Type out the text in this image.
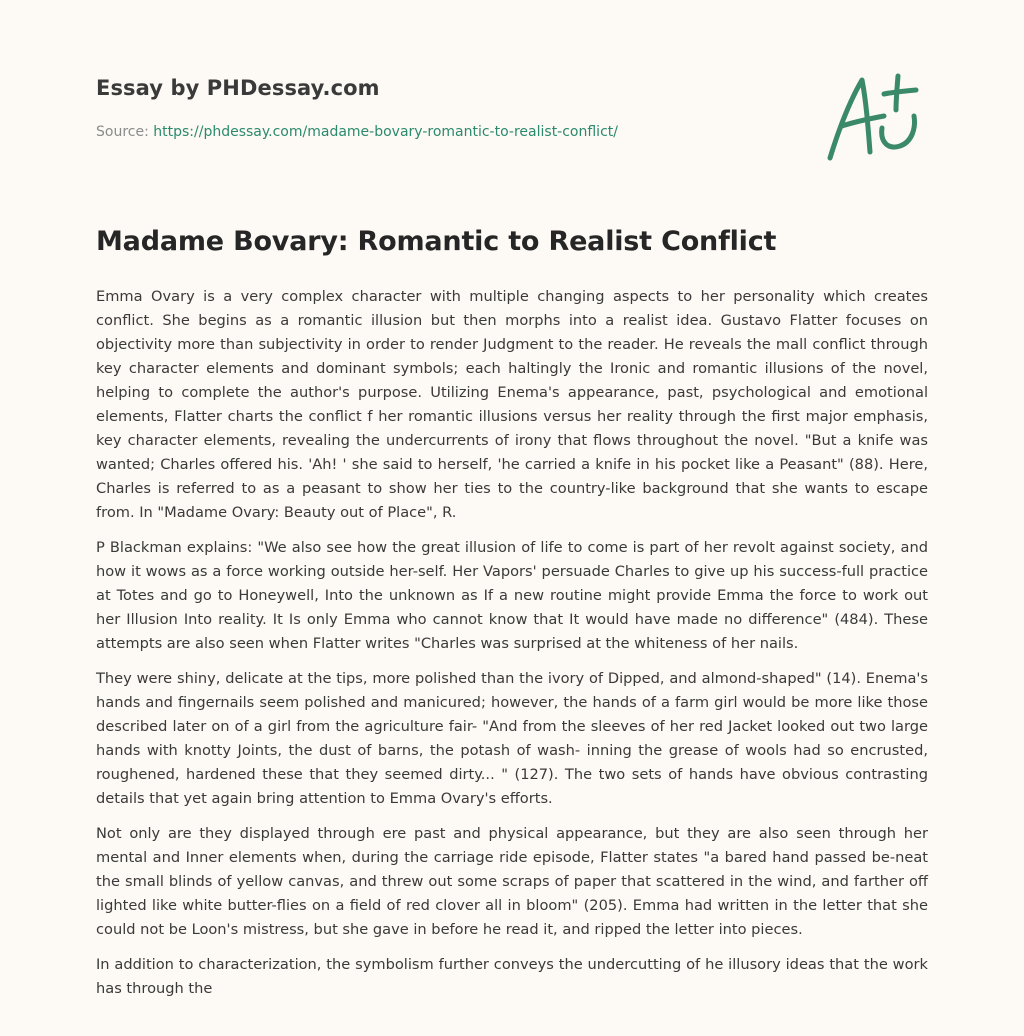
Essay by PHDessay.com
Source: https://phdessay.com/madame-bovary-romantic-to-realist-conflict/
Madame Bovary: Romantic to Realist Conflict

Emma Ovary is a very complex character with multiple changing aspects to her personality which creates conflict. She begins as a romantic illusion but then morphs into a realist idea. Gustavo Flatter focuses on objectivity more than subjectivity in order to render Judgment to the reader. He reveals the mall conflict through key character elements and dominant symbols; each haltingly the Ironic and romantic illusions of the novel, helping to complete the author's purpose. Utilizing Enema's appearance, past, psychological and emotional elements, Flatter charts the conflict f her romantic illusions versus her reality through the first major emphasis, key character elements, revealing the undercurrents of irony that flows throughout the novel. "But a knife was wanted; Charles offered his. 'Ah! ' she said to herself, 'he carried a knife in his pocket like a Peasant" (88). Here, Charles is referred to as a peasant to show her ties to the country-like background that she wants to escape from. In "Madame Ovary: Beauty out of Place", R.

P Blackman explains: "We also see how the great illusion of life to come is part of her revolt against society, and how it wows as a force working outside her-self. Her Vapors' persuade Charles to give up his success-full practice at Totes and go to Honeywell, Into the unknown as If a new routine might provide Emma the force to work out her Illusion Into reality. It Is only Emma who cannot know that It would have made no difference" (484). These attempts are also seen when Flatter writes "Charles was surprised at the whiteness of her nails.

They were shiny, delicate at the tips, more polished than the ivory of Dipped, and almond-shaped" (14). Enema's hands and fingernails seem polished and manicured; however, the hands of a farm girl would be more like those described later on of a girl from the agriculture fair- "And from the sleeves of her red Jacket looked out two large hands with knotty Joints, the dust of barns, the potash of wash- inning the grease of wools had so encrusted, roughened, hardened these that they seemed dirty... " (127). The two sets of hands have obvious contrasting details that yet again bring attention to Emma Ovary's efforts.

Not only are they displayed through ere past and physical appearance, but they are also seen through her mental and Inner elements when, during the carriage ride episode, Flatter states "a bared hand passed be-neat the small blinds of yellow canvas, and threw out some scraps of paper that scattered in the wind, and farther off lighted like white butter-flies on a field of red clover all in bloom" (205). Emma had written in the letter that she could not be Loon's mistress, but she gave in before he read it, and ripped the letter into pieces.

In addition to characterization, the symbolism further conveys the undercutting of he illusory ideas that the work has through the
